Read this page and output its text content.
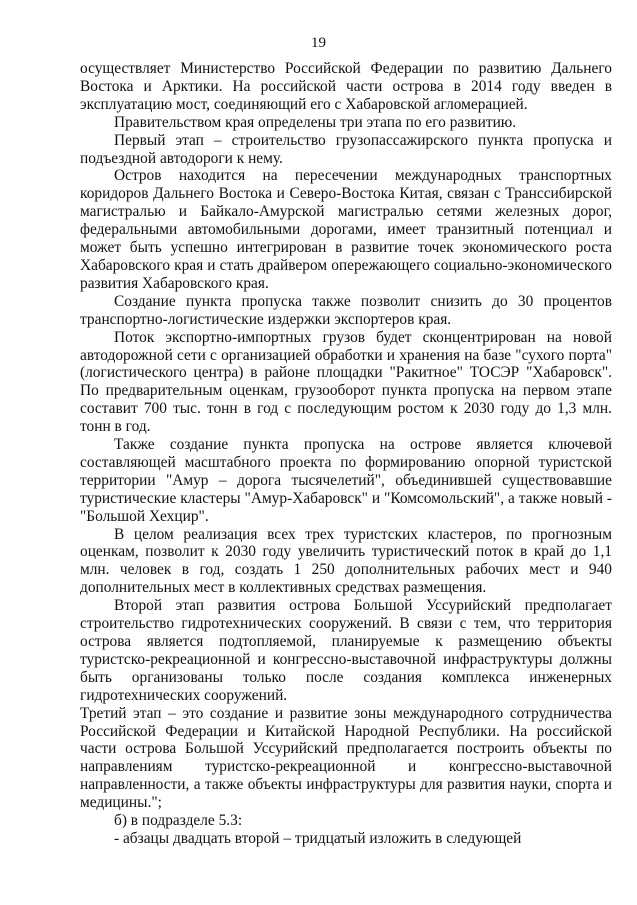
19

осуществляет Министерство Российской Федерации по развитию Дальнего Востока и Арктики. На российской части острова в 2014 году введен в эксплуатацию мост, соединяющий его с Хабаровской агломерацией.

Правительством края определены три этапа по его развитию.

Первый этап – строительство грузопассажирского пункта пропуска и подъездной автодороги к нему.

Остров находится на пересечении международных транспортных коридоров Дальнего Востока и Северо-Востока Китая, связан с Транссибирской магистралью и Байкало-Амурской магистралью сетями железных дорог, федеральными автомобильными дорогами, имеет транзитный потенциал и может быть успешно интегрирован в развитие точек экономического роста Хабаровского края и стать драйвером опережающего социально-экономического развития Хабаровского края.

Создание пункта пропуска также позволит снизить до 30 процентов транспортно-логистические издержки экспортеров края.

Поток экспортно-импортных грузов будет сконцентрирован на новой автодорожной сети с организацией обработки и хранения на базе "сухого порта" (логистического центра) в районе площадки "Ракитное" ТОСЭР "Хабаровск". По предварительным оценкам, грузооборот пункта пропуска на первом этапе составит 700 тыс. тонн в год с последующим ростом к 2030 году до 1,3 млн. тонн в год.

Также создание пункта пропуска на острове является ключевой составляющей масштабного проекта по формированию опорной туристской территории "Амур – дорога тысячелетий", объединившей существовавшие туристические кластеры "Амур-Хабаровск" и "Комсомольский", а также новый - "Большой Хехцир".

В целом реализация всех трех туристских кластеров, по прогнозным оценкам, позволит к 2030 году увеличить туристический поток в край до 1,1 млн. человек в год, создать 1 250 дополнительных рабочих мест и 940 дополнительных мест в коллективных средствах размещения.

Второй этап развития острова Большой Уссурийский предполагает строительство гидротехнических сооружений. В связи с тем, что территория острова является подтопляемой, планируемые к размещению объекты туристско-рекреационной и конгрессно-выставочной инфраструктуры должны быть организованы только после создания комплекса инженерных гидротехнических сооружений.

Третий этап – это создание и развитие зоны международного сотрудничества Российской Федерации и Китайской Народной Республики. На российской части острова Большой Уссурийский предполагается построить объекты по направлениям туристско-рекреационной и конгрессно-выставочной направленности, а также объекты инфраструктуры для развития науки, спорта и медицины.";

б) в подразделе 5.3:

- абзацы двадцать второй – тридцатый изложить в следующей
